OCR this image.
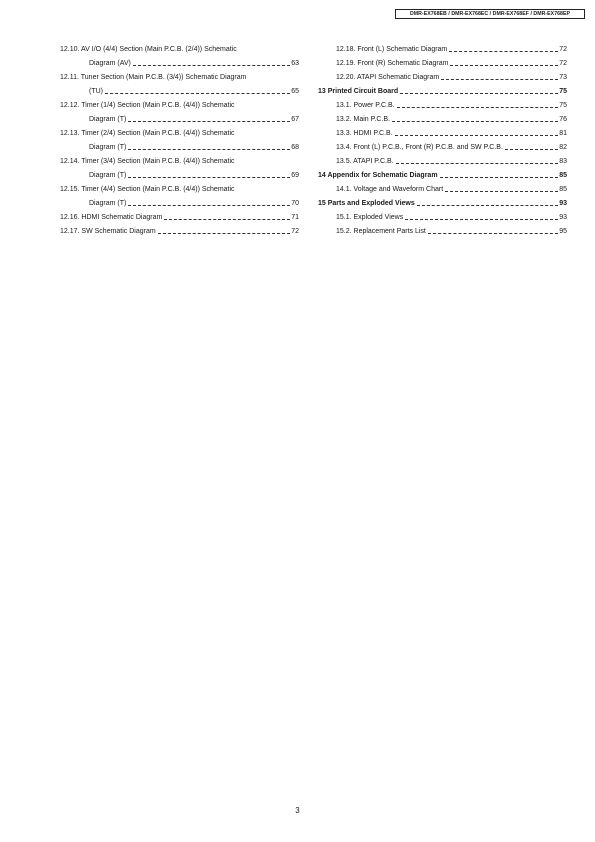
DMR-EX768EB / DMR-EX768EC / DMR-EX768EF / DMR-EX768EP
12.10. AV I/O (4/4) Section (Main P.C.B. (2/4)) Schematic
Diagram (AV)	63
12.11. Tuner Section (Main P.C.B. (3/4)) Schematic Diagram
(TU)	65
12.12. Timer (1/4) Section (Main P.C.B. (4/4)) Schematic
Diagram (T)	67
12.13. Timer (2/4) Section (Main P.C.B. (4/4)) Schematic
Diagram (T)	68
12.14. Timer (3/4) Section (Main P.C.B. (4/4)) Schematic
Diagram (T)	69
12.15. Timer (4/4) Section (Main P.C.B. (4/4)) Schematic
Diagram (T)	70
12.16. HDMI Schematic Diagram	71
12.17. SW Schematic Diagram	72
12.18. Front (L) Schematic Diagram	72
12.19. Front (R) Schematic Diagram	72
12.20. ATAPI Schematic Diagram	73
13 Printed Circuit Board	75
13.1. Power P.C.B.	75
13.2. Main P.C.B.	76
13.3. HDMI P.C.B.	81
13.4. Front (L) P.C.B., Front (R) P.C.B. and SW P.C.B.	82
13.5. ATAPI P.C.B.	83
14 Appendix for Schematic Diagram	85
14.1. Voltage and Waveform Chart	85
15 Parts and Exploded Views	93
15.1. Exploded Views	93
15.2. Replacement Parts List	95
3
